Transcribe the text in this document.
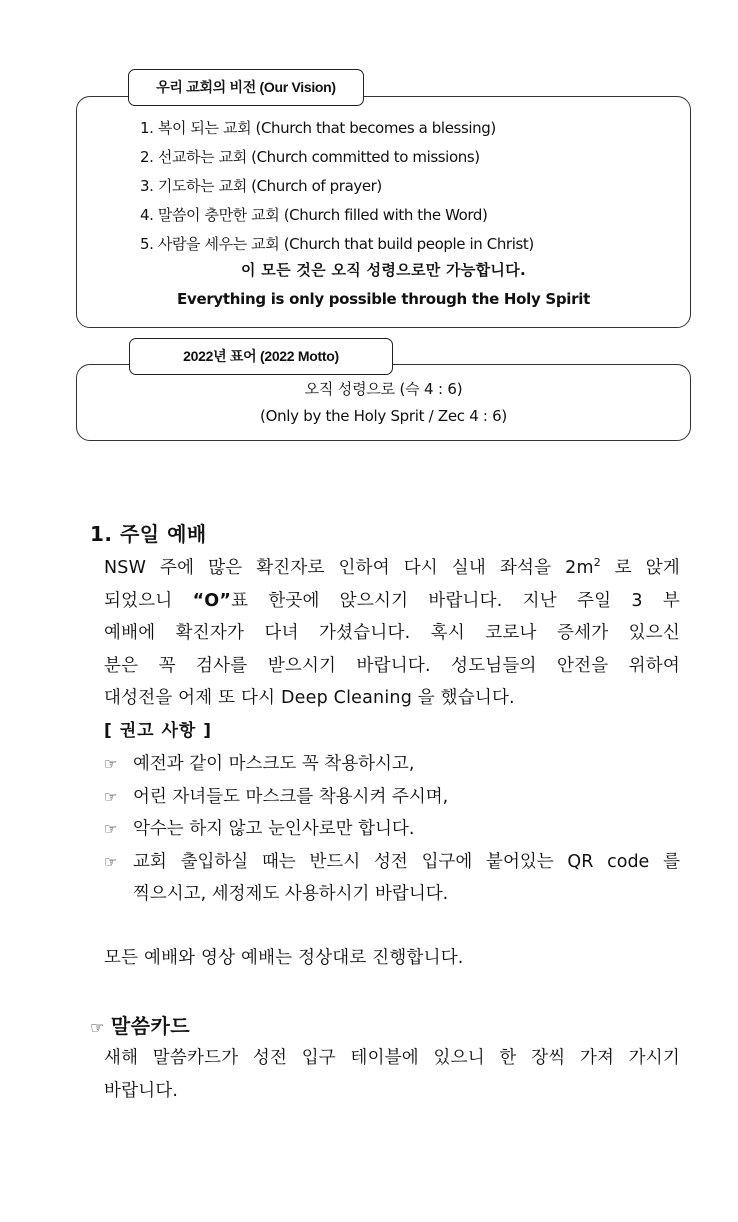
우리 교회의 비전 (Our Vision)
1. 복이 되는 교회 (Church that becomes a blessing)
2. 선교하는 교회 (Church committed to missions)
3. 기도하는 교회 (Church of prayer)
4. 말씀이 충만한 교회 (Church filled with the Word)
5. 사람을 세우는 교회 (Church that build people in Christ)
이 모든 것은 오직 성령으로만 가능합니다.
Everything is only possible through the Holy Spirit
2022년 표어 (2022 Motto)
오직 성령으로 (슥 4 : 6)
(Only by the Holy Sprit / Zec 4 : 6)
1. 주일 예배
NSW 주에 많은 확진자로 인하여 다시 실내 좌석을 $2m^2$ 로 앉게
되었으니 “O”표 한곳에 앉으시기 바랍니다. 지난 주일 3 부
예배에 확진자가 다녀 가셨습니다. 혹시 코로나 증세가 있으신
분은 꼭 검사를 받으시기 바랍니다. 성도님들의 안전을 위하여
대성전을 어제 또 다시 Deep Cleaning 을 했습니다.
[ 권고 사항 ]
☞ 예전과 같이 마스크도 꼭 착용하시고,
☞ 어린 자녀들도 마스크를 착용시켜 주시며,
☞ 악수는 하지 않고 눈인사로만 합니다.
☞ 교회 출입하실 때는 반드시 성전 입구에 붙어있는 QR code 를
찍으시고, 세정제도 사용하시기 바랍니다.
모든 예배와 영상 예배는 정상대로 진행합니다.
☞ 말씀카드
새해 말씀카드가 성전 입구 테이블에 있으니 한 장씩 가져 가시기
바랍니다.
